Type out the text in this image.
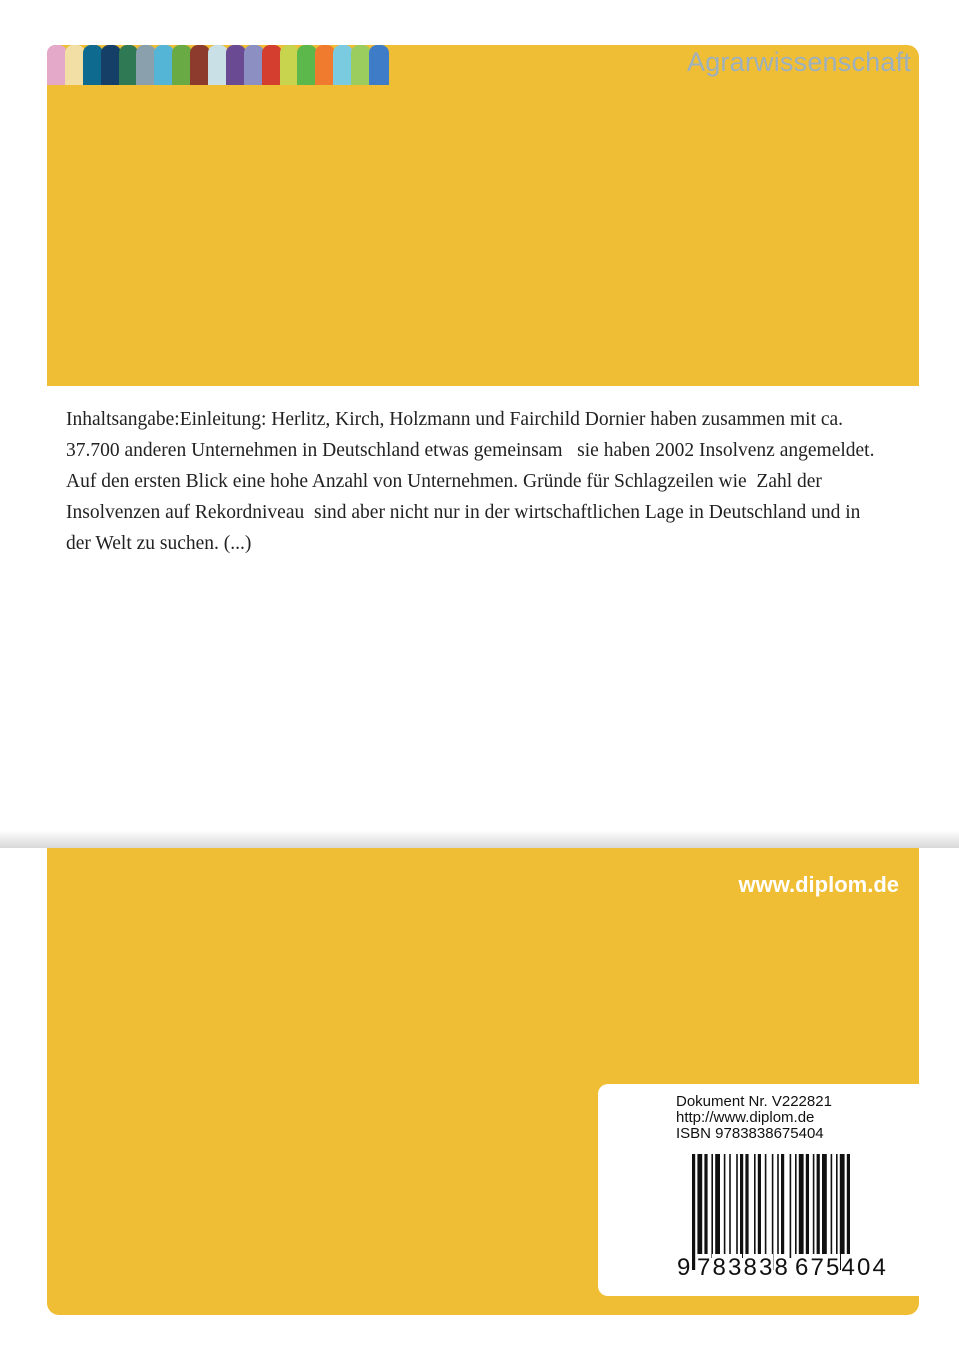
Agrarwissenschaft
Inhaltsangabe:Einleitung: Herlitz, Kirch, Holzmann und Fairchild Dornier haben zusammen mit ca. 37.700 anderen Unternehmen in Deutschland etwas gemeinsam   sie haben 2002 Insolvenz angemeldet. Auf den ersten Blick eine hohe Anzahl von Unternehmen. Gründe für Schlagzeilen wie  Zahl der Insolvenzen auf Rekordniveau  sind aber nicht nur in der wirtschaftlichen Lage in Deutschland und in der Welt zu suchen. (...)
www.diplom.de
Dokument Nr. V222821
http://www.diplom.de
ISBN 9783838675404
9 7 8 3 8 3 8 6 7 5 4 0 4
